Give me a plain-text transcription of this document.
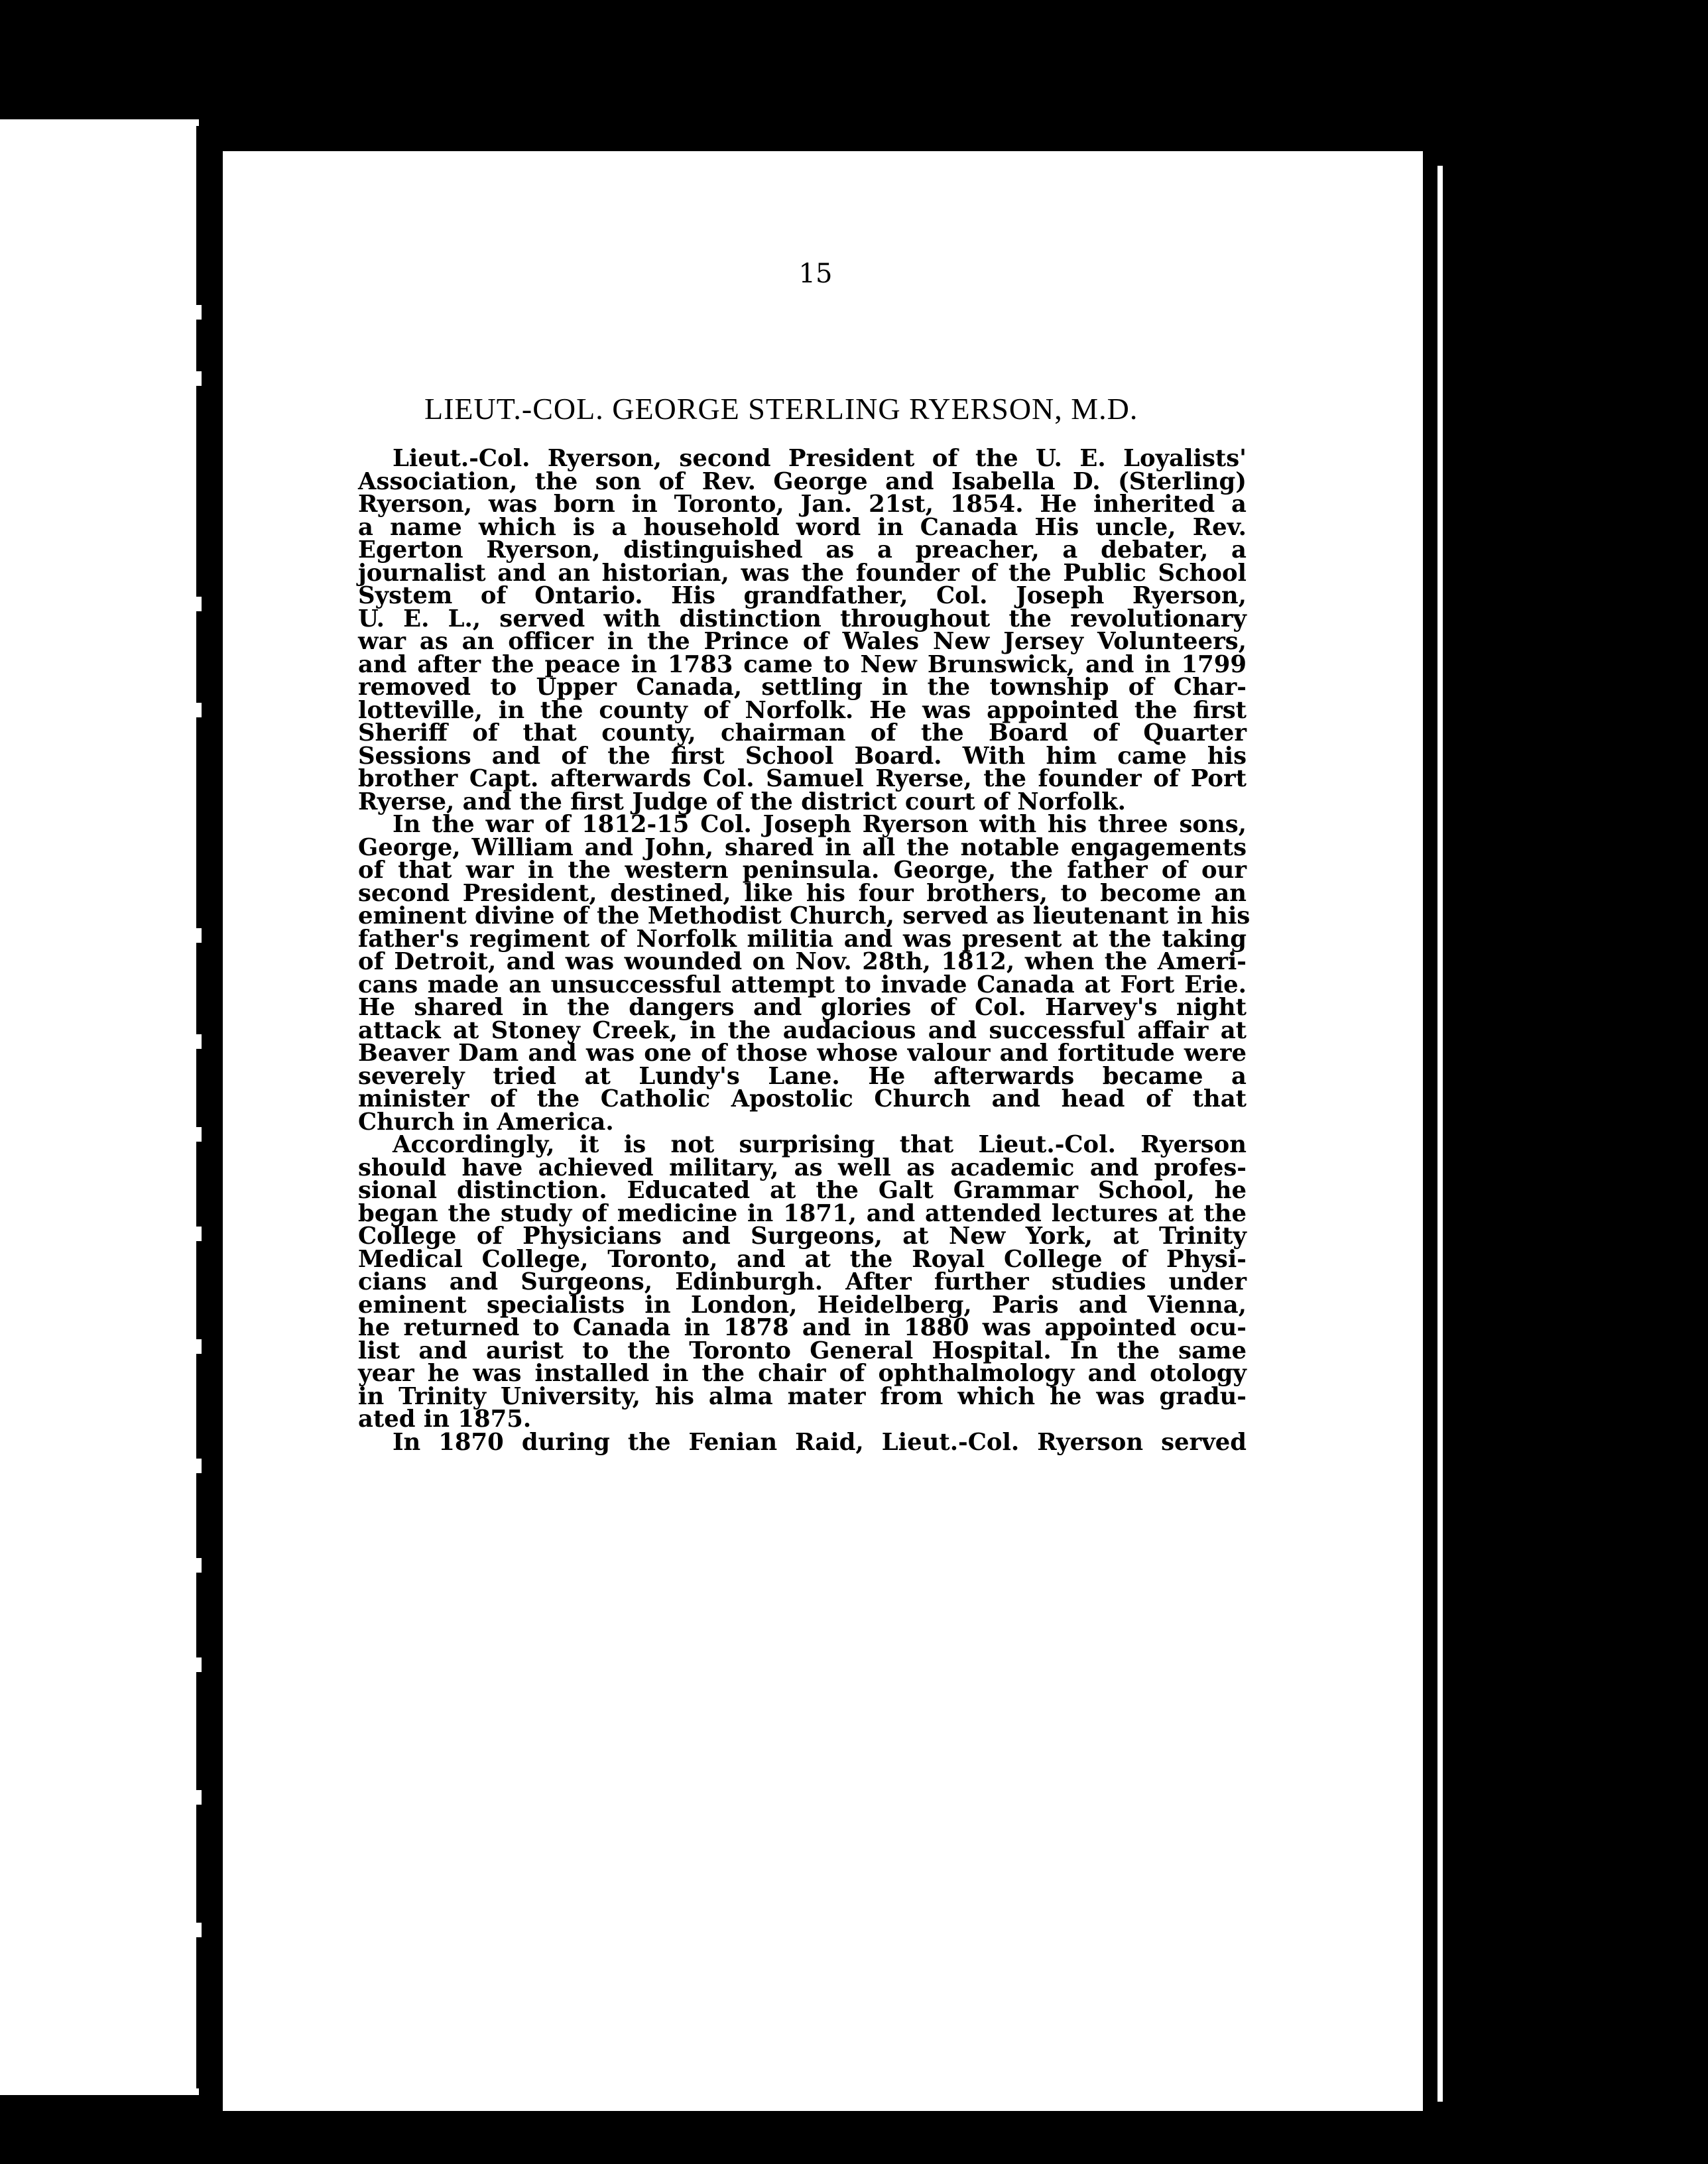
15
LIEUT.-COL. GEORGE STERLING RYERSON, M.D.
Lieut.-Col. Ryerson, second President of the U. E. Loyalists'
Association, the son of Rev. George and Isabella D. (Sterling)
Ryerson, was born in Toronto, Jan. 21st, 1854. He inherited a
a name which is a household word in Canada His uncle, Rev.
Egerton Ryerson, distinguished as a preacher, a debater, a
journalist and an historian, was the founder of the Public School
System of Ontario. His grandfather, Col. Joseph Ryerson,
U. E. L., served with distinction throughout the revolutionary
war as an officer in the Prince of Wales New Jersey Volunteers,
and after the peace in 1783 came to New Brunswick, and in 1799
removed to Upper Canada, settling in the township of Char-
lotteville, in the county of Norfolk. He was appointed the first
Sheriff of that county, chairman of the Board of Quarter
Sessions and of the first School Board. With him came his
brother Capt. afterwards Col. Samuel Ryerse, the founder of Port
Ryerse, and the first Judge of the district court of Norfolk.
In the war of 1812-15 Col. Joseph Ryerson with his three sons,
George, William and John, shared in all the notable engagements
of that war in the western peninsula. George, the father of our
second President, destined, like his four brothers, to become an
eminent divine of the Methodist Church, served as lieutenant in his
father's regiment of Norfolk militia and was present at the taking
of Detroit, and was wounded on Nov. 28th, 1812, when the Ameri-
cans made an unsuccessful attempt to invade Canada at Fort Erie.
He shared in the dangers and glories of Col. Harvey's night
attack at Stoney Creek, in the audacious and successful affair at
Beaver Dam and was one of those whose valour and fortitude were
severely tried at Lundy's Lane. He afterwards became a
minister of the Catholic Apostolic Church and head of that
Church in America.
Accordingly, it is not surprising that Lieut.-Col. Ryerson
should have achieved military, as well as academic and profes-
sional distinction. Educated at the Galt Grammar School, he
began the study of medicine in 1871, and attended lectures at the
College of Physicians and Surgeons, at New York, at Trinity
Medical College, Toronto, and at the Royal College of Physi-
cians and Surgeons, Edinburgh. After further studies under
eminent specialists in London, Heidelberg, Paris and Vienna,
he returned to Canada in 1878 and in 1880 was appointed ocu-
list and aurist to the Toronto General Hospital. In the same
year he was installed in the chair of ophthalmology and otology
in Trinity University, his alma mater from which he was gradu-
ated in 1875.
In 1870 during the Fenian Raid, Lieut.-Col. Ryerson served
